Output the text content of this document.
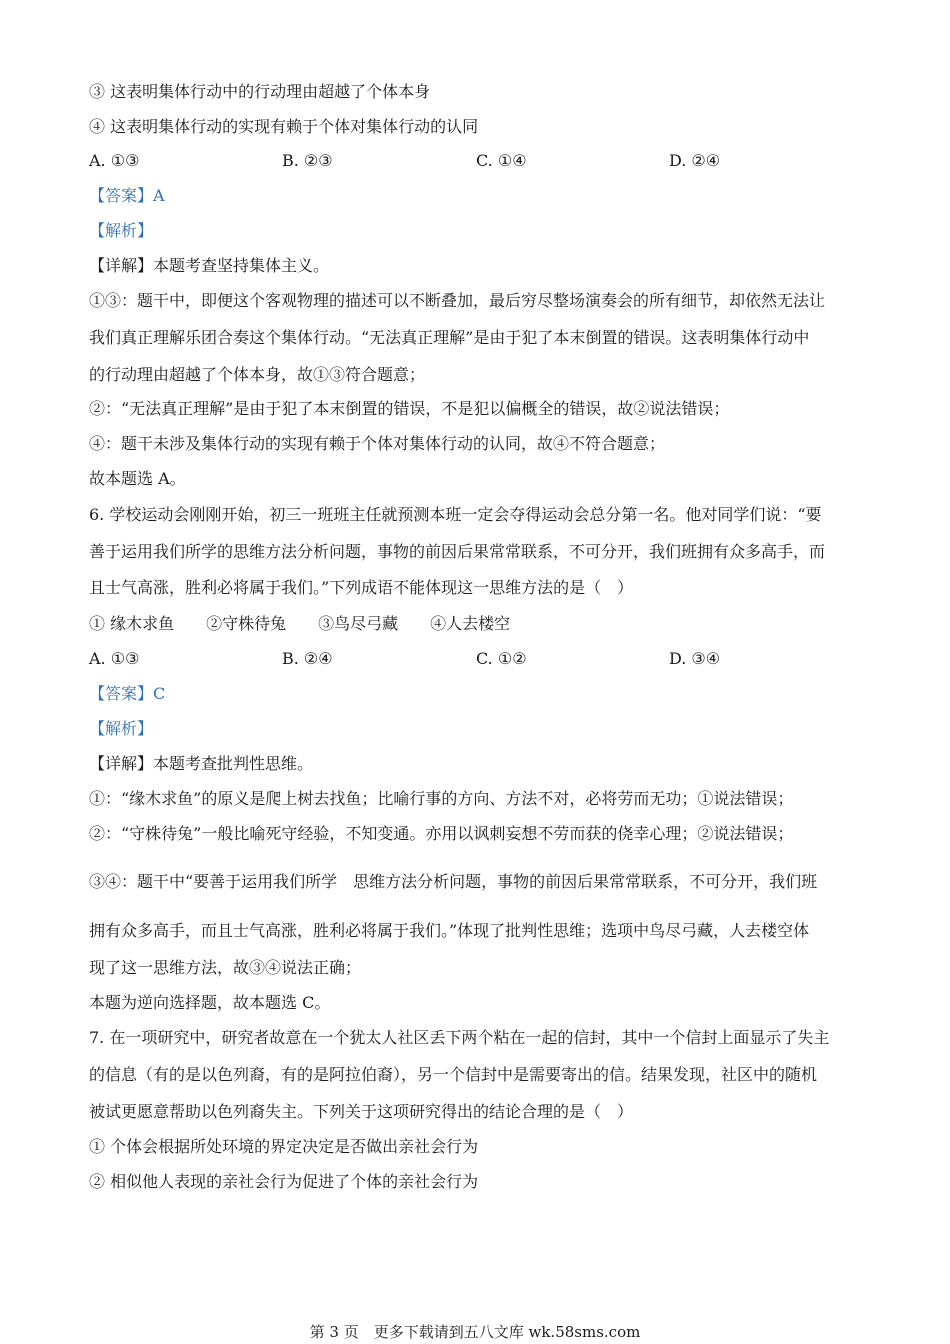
③ 这表明集体行动中的行动理由超越了个体本身
④ 这表明集体行动的实现有赖于个体对集体行动的认同
A. ①③	B. ②③	C. ①④	D. ②④
【答案】A
【解析】
【详解】本题考查坚持集体主义。
①③：题干中，即便这个客观物理的描述可以不断叠加，最后穷尽整场演奏会的所有细节，却依然无法让
我们真正理解乐团合奏这个集体行动。“无法真正理解”是由于犯了本末倒置的错误。这表明集体行动中
的行动理由超越了个体本身，故①③符合题意；
②：“无法真正理解”是由于犯了本末倒置的错误，不是犯以偏概全的错误，故②说法错误；
④：题干未涉及集体行动的实现有赖于个体对集体行动的认同，故④不符合题意；
故本题选 A。
6. 学校运动会刚刚开始，初三一班班主任就预测本班一定会夺得运动会总分第一名。他对同学们说：“要
善于运用我们所学的思维方法分析问题，事物的前因后果常常联系，不可分开，我们班拥有众多高手，而
且士气高涨，胜利必将属于我们。”下列成语不能体现这一思维方法的是（　）
① 缘木求鱼　　②守株待兔　　③鸟尽弓藏　　④人去楼空
A. ①③	B. ②④	C. ①②	D. ③④
【答案】C
【解析】
【详解】本题考查批判性思维。
①：“缘木求鱼”的原义是爬上树去找鱼；比喻行事的方向、方法不对，必将劳而无功；①说法错误；
②：“守株待兔”一般比喻死守经验，不知变通。亦用以讽刺妄想不劳而获的侥幸心理；②说法错误；
③④：题干中“要善于运用我们所学　思维方法分析问题，事物的前因后果常常联系，不可分开，我们班
拥有众多高手，而且士气高涨，胜利必将属于我们。”体现了批判性思维；选项中鸟尽弓藏，人去楼空体
现了这一思维方法，故③④说法正确；
本题为逆向选择题，故本题选 C。
7. 在一项研究中，研究者故意在一个犹太人社区丢下两个粘在一起的信封，其中一个信封上面显示了失主
的信息（有的是以色列裔，有的是阿拉伯裔），另一个信封中是需要寄出的信。结果发现，社区中的随机
被试更愿意帮助以色列裔失主。下列关于这项研究得出的结论合理的是（　）
① 个体会根据所处环境的界定决定是否做出亲社会行为
② 相似他人表现的亲社会行为促进了个体的亲社会行为
第 3 页　更多下载请到五八文库 wk.58sms.com
